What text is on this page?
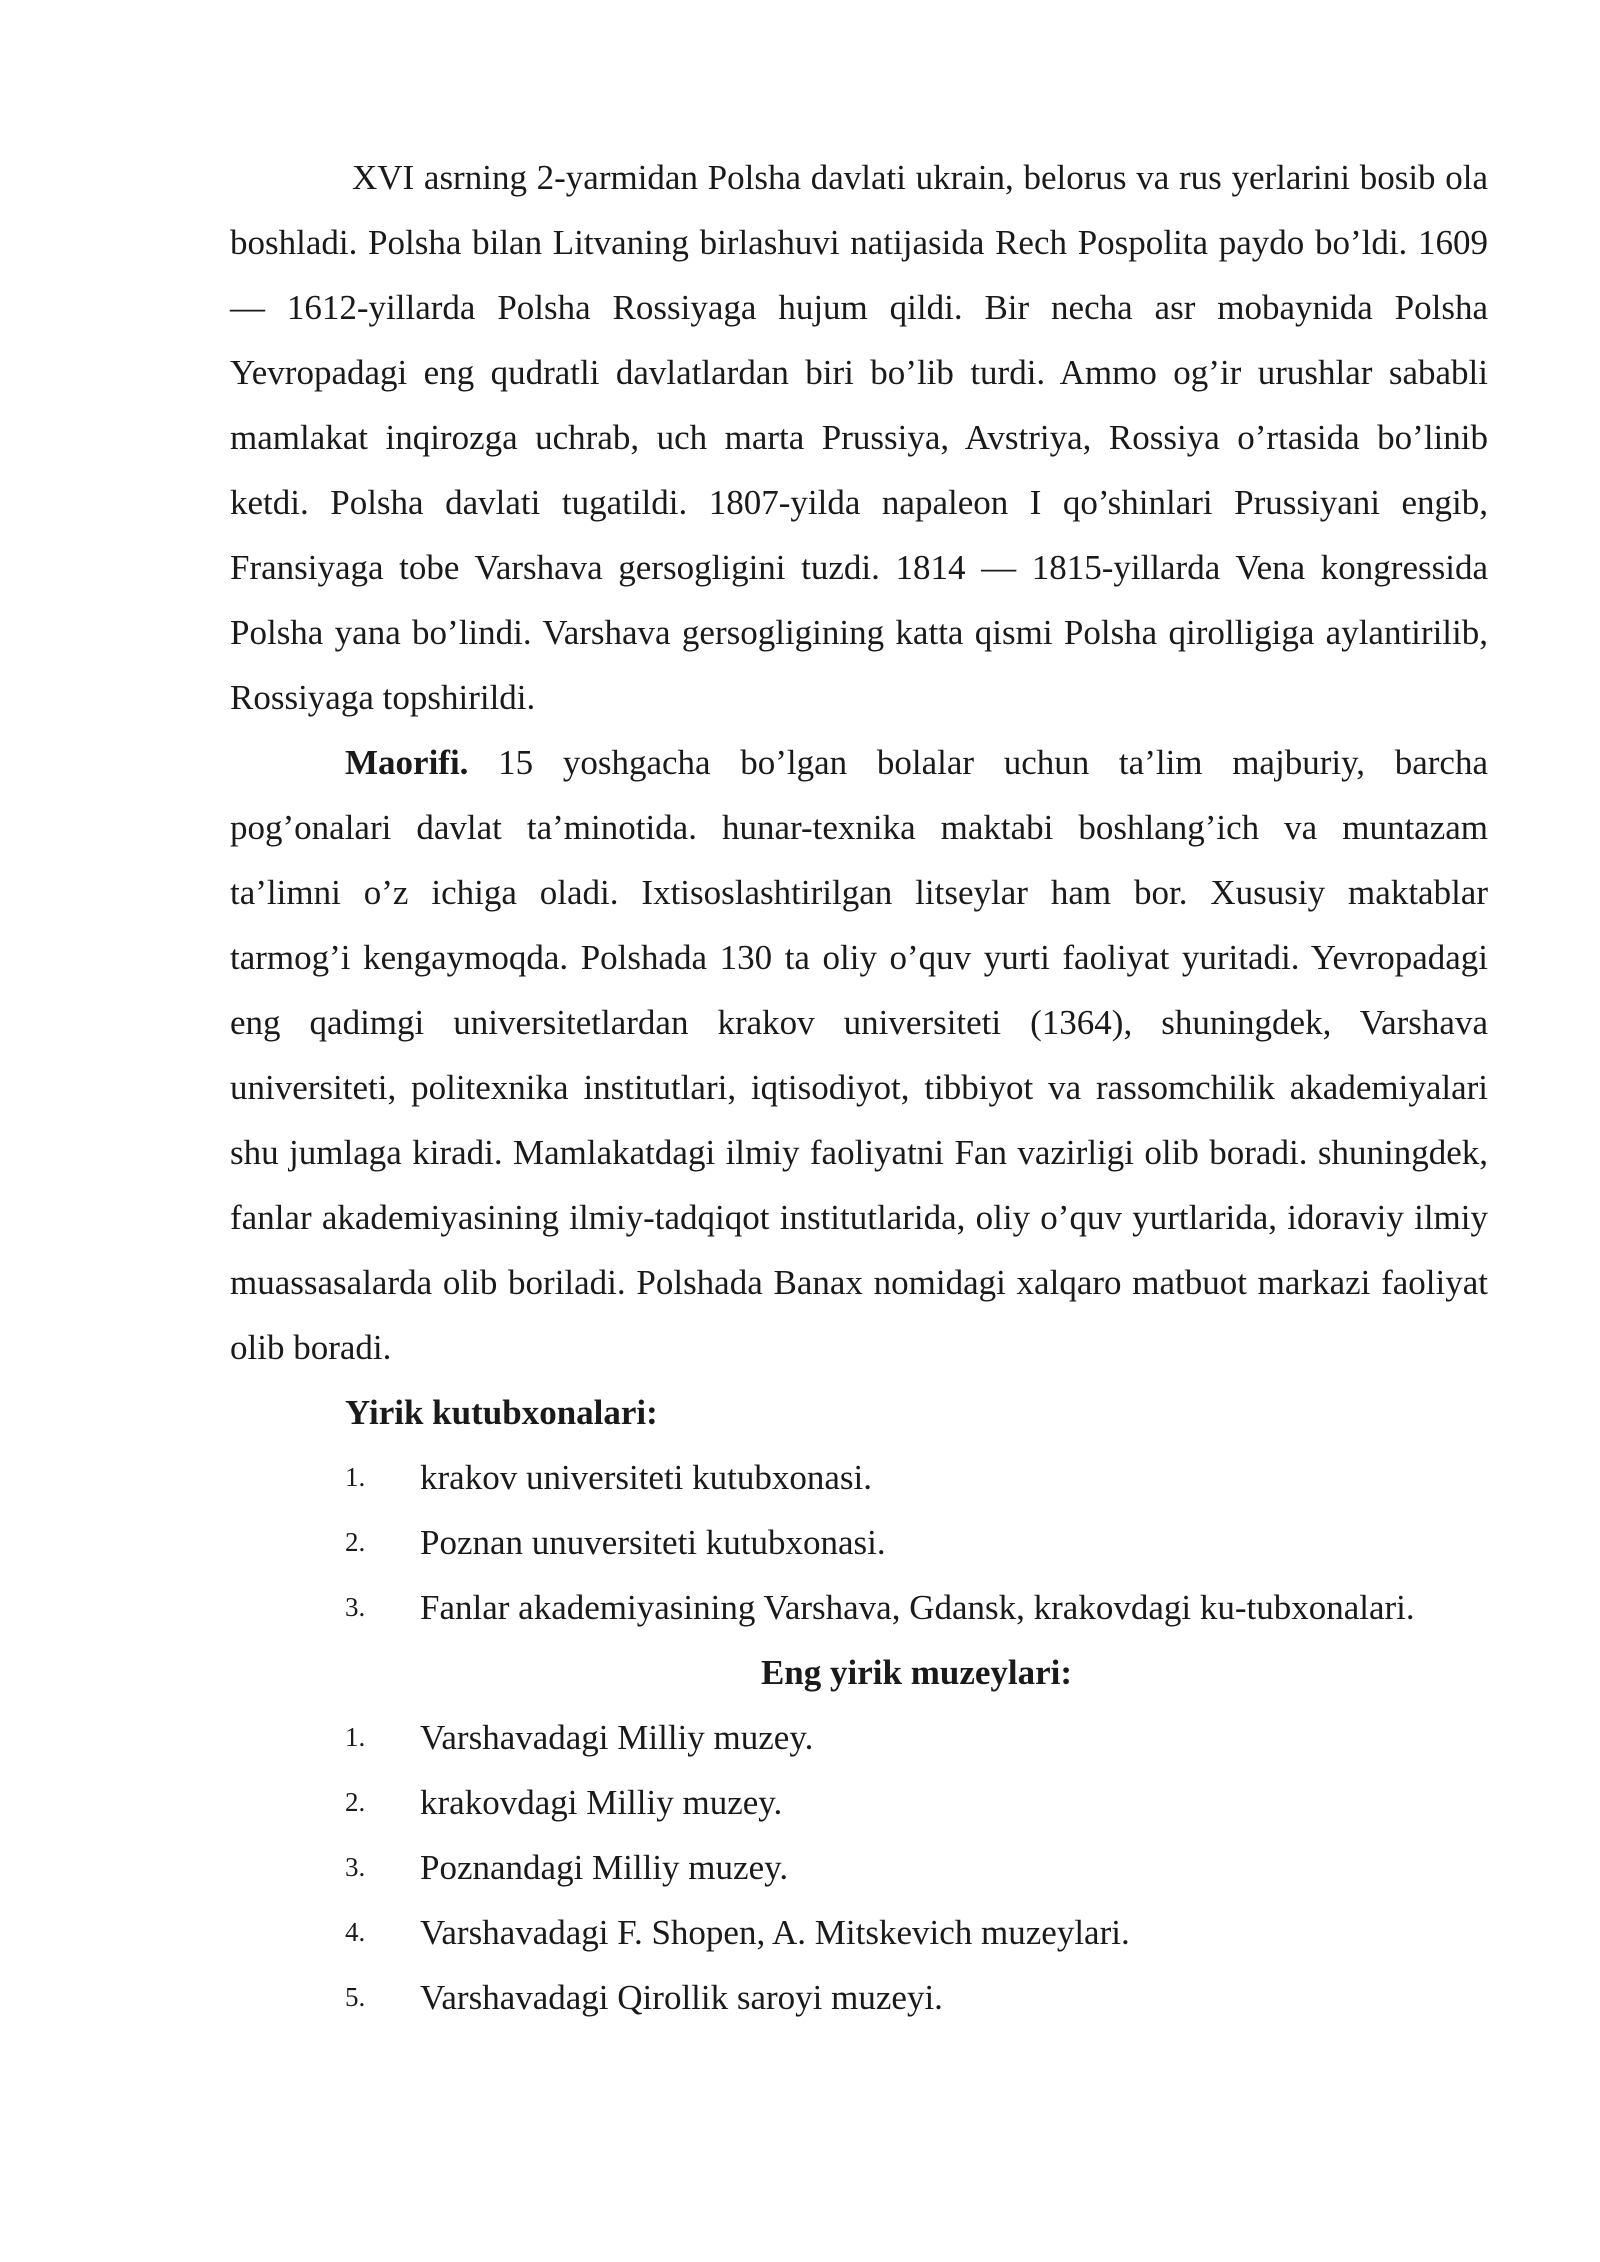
XVI asrning 2-yarmidan Polsha davlati ukrain, belorus va rus yerlarini bosib ola boshladi. Polsha bilan Litvaning birlashuvi natijasida Rech Pospolita paydo bo’ldi. 1609 — 1612-yillarda Polsha Rossiyaga hujum qildi. Bir necha asr mobaynida Polsha Yevropadagi eng qudratli davlatlardan biri bo’lib turdi. Ammo og’ir urushlar sababli mamlakat inqirozga uchrab, uch marta Prussiya, Avstriya, Rossiya o’rtasida bo’linib ketdi. Polsha davlati tugatildi. 1807-yilda napaleon I qo’shinlari Prussiyani engib, Fransiyaga tobe Varshava gersogligini tuzdi. 1814 — 1815-yillarda Vena kongressida Polsha yana bo’lindi. Varshava gersogligining katta qismi Polsha qirolligiga aylantirilib, Rossiyaga topshirildi.

Maorifi. 15 yoshgacha bo’lgan bolalar uchun ta’lim majburiy, barcha pog’onalari davlat ta’minotida. hunar-texnika maktabi boshlang’ich va muntazam ta’limni o’z ichiga oladi. Ixtisoslashtirilgan litseylar ham bor. Xususiy maktablar tarmog’i kengaymoqda. Polshada 130 ta oliy o’quv yurti faoliyat yuritadi. Yevropadagi eng qadimgi universitetlardan krakov universiteti (1364), shuningdek, Varshava universiteti, politexnika institutlari, iqtisodiyot, tibbiyot va rassomchilik akademiyalari shu jumlaga kiradi. Mamlakatdagi ilmiy faoliyatni Fan vazirligi olib boradi. shuningdek, fanlar akademiyasining ilmiy-tadqiqot institutlarida, oliy o’quv yurtlarida, idoraviy ilmiy muassasalarda olib boriladi. Polshada Banax nomidagi xalqaro matbuot markazi faoliyat olib boradi.

Yirik kutubxonalari:
1. krakov universiteti kutubxonasi.
2. Poznan unuversiteti kutubxonasi.
3. Fanlar akademiyasining Varshava, Gdansk, krakovdagi ku-tubxonalari.
Eng yirik muzeylari:
1. Varshavadagi Milliy muzey.
2. krakovdagi Milliy muzey.
3. Poznandagi Milliy muzey.
4. Varshavadagi F. Shopen, A. Mitskevich muzeylari.
5. Varshavadagi Qirollik saroyi muzeyi.
